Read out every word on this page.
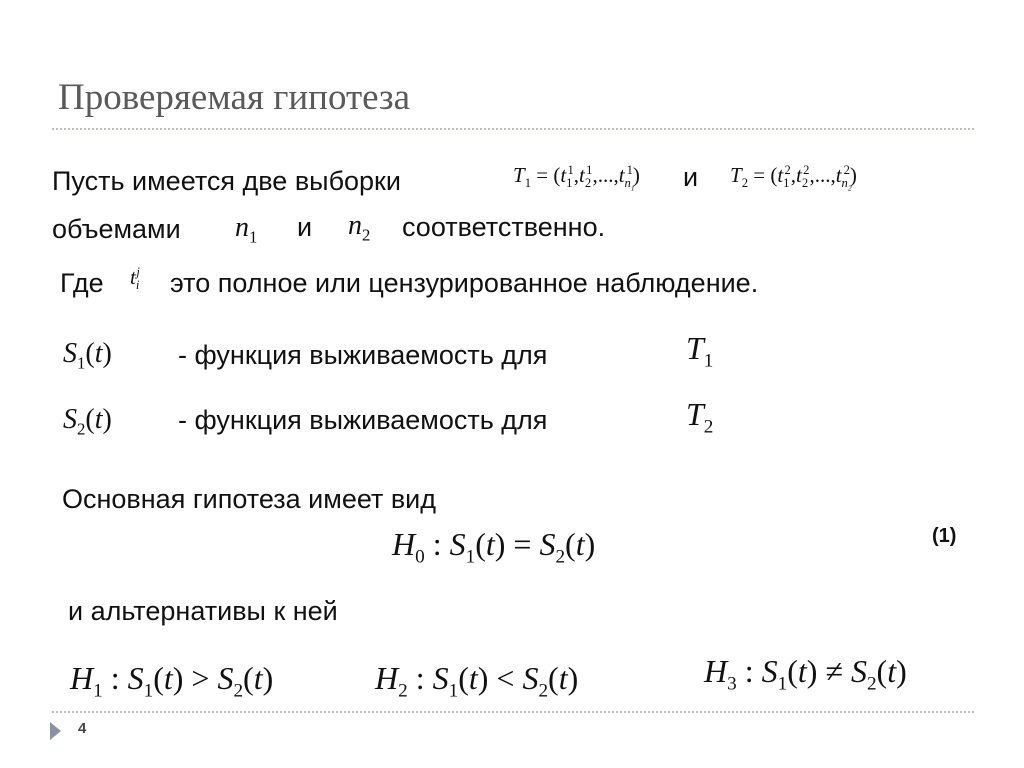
Проверяемая гипотеза
Пусть имеется две выборки	$T_1 = (t_1^1,t_2^1,...,t_{n_1}^1)$ и $T_2 = (t_1^2,t_2^2,...,t_{n_2}^2)$
объемами $n_1$ и $n_2$ соответственно.
Где $t_i^j$ это полное или цензурированное наблюдение.
$S_1(t)$ - функция выживаемость для	$T_1$
$S_2(t)$ - функция выживаемость для	$T_2$
Основная гипотеза имеет вид
$H_0$ : $S_1(t) = S_2(t)$	(1)
и альтернативы к ней
$H_1$ : $S_1(t) > S_2(t)$	$H_2$ : $S_1(t) < S_2(t)$	$H_3$ : $S_1(t) \ne S_2(t)$
4
